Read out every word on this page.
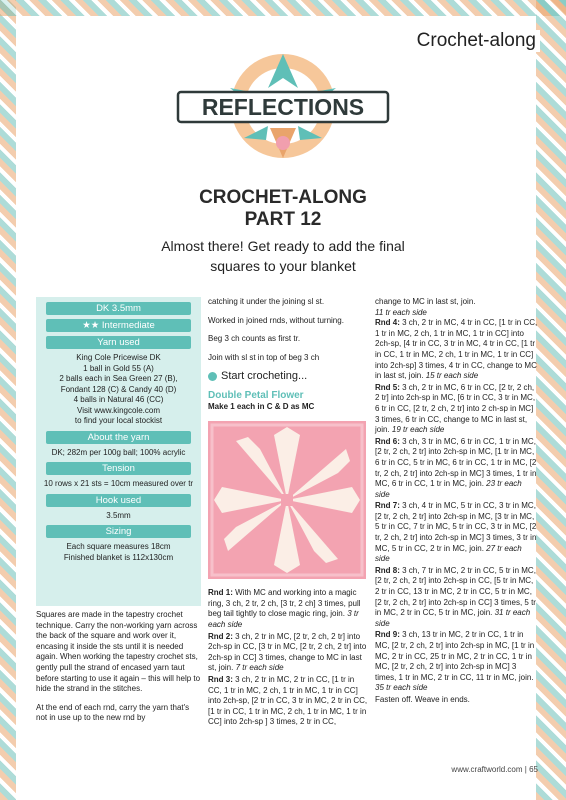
Crochet-along
REFLECTIONS
CROCHET-ALONG
PART 12
Almost there! Get ready to add the final
squares to your blanket
DK 3.5mm
★★ Intermediate
Yarn used
King Cole Pricewise DK
1 ball in Gold 55 (A)
2 balls each in Sea Green 27 (B),
Fondant 128 (C) & Candy 40 (D)
4 balls in Natural 46 (CC)
Visit www.kingcole.com
to find your local stockist
About the yarn
DK; 282m per 100g ball; 100% acrylic
Tension
10 rows x 21 sts = 10cm measured over tr
Hook used
3.5mm
Sizing
Each square measures 18cm
Finished blanket is 112x130cm

Squares are made in the tapestry crochet technique. Carry the non-working yarn across the back of the square and work over it, encasing it inside the sts until it is needed again. When working the tapestry crochet sts, gently pull the strand of encased yarn taut before starting to use it again – this will help to hide the strand in the stitches.

At the end of each rnd, carry the yarn that's not in use up to the new rnd by

catching it under the joining sl st.

Worked in joined rnds, without turning.

Beg 3 ch counts as first tr.

Join with sl st in top of beg 3 ch

Start crocheting...
Double Petal Flower
Make 1 each in C & D as MC
Rnd 1: With MC and working into a magic ring, 3 ch, 2 tr, 2 ch, [3 tr, 2 ch] 3 times, pull beg tail tightly to close magic ring, join. 3 tr each side
Rnd 2: 3 ch, 2 tr in MC, [2 tr, 2 ch, 2 tr] into 2ch-sp in CC, [3 tr in MC, [2 tr, 2 ch, 2 tr] into 2ch-sp in CC] 3 times, change to MC in last st, join. 7 tr each side
Rnd 3: 3 ch, 2 tr in MC, 2 tr in CC, [1 tr in CC, 1 tr in MC, 2 ch, 1 tr in MC, 1 tr in CC] into 2ch-sp, [2 tr in CC, 3 tr in MC, 2 tr in CC, [1 tr in CC, 1 tr in MC, 2 ch, 1 tr in MC, 1 tr in CC] into 2ch-sp ] 3 times, 2 tr in CC,
change to MC in last st, join.
11 tr each side
Rnd 4: 3 ch, 2 tr in MC, 4 tr in CC, [1 tr in CC, 1 tr in MC, 2 ch, 1 tr in MC, 1 tr in CC] into 2ch-sp, [4 tr in CC, 3 tr in MC, 4 tr in CC, [1 tr in CC, 1 tr in MC, 2 ch, 1 tr in MC, 1 tr in CC] into 2ch-sp] 3 times, 4 tr in CC, change to MC in last st, join. 15 tr each side
Rnd 5: 3 ch, 2 tr in MC, 6 tr in CC, [2 tr, 2 ch, 2 tr] into 2ch-sp in MC, [6 tr in CC, 3 tr in MC, 6 tr in CC, [2 tr, 2 ch, 2 tr] into 2 ch-sp in MC] 3 times, 6 tr in CC, change to MC in last st, join. 19 tr each side
Rnd 6: 3 ch, 3 tr in MC, 6 tr in CC, 1 tr in MC, [2 tr, 2 ch, 2 tr] into 2ch-sp in MC, [1 tr in MC, 6 tr in CC, 5 tr in MC, 6 tr in CC, 1 tr in MC, [2 tr, 2 ch, 2 tr] into 2ch-sp in MC] 3 times, 1 tr in MC, 6 tr in CC, 1 tr in MC, join. 23 tr each side
Rnd 7: 3 ch, 4 tr in MC, 5 tr in CC, 3 tr in MC, [2 tr, 2 ch, 2 tr] into 2ch-sp in MC, [3 tr in MC, 5 tr in CC, 7 tr in MC, 5 tr in CC, 3 tr in MC, [2 tr, 2 ch, 2 tr] into 2ch-sp in MC] 3 times, 3 tr in MC, 5 tr in CC, 2 tr in MC, join. 27 tr each side
Rnd 8: 3 ch, 7 tr in MC, 2 tr in CC, 5 tr in MC, [2 tr, 2 ch, 2 tr] into 2ch-sp in CC, [5 tr in MC, 2 tr in CC, 13 tr in MC, 2 tr in CC, 5 tr in MC, [2 tr, 2 ch, 2 tr] into 2ch-sp in CC] 3 times, 5 tr in MC, 2 tr in CC, 5 tr in MC, join. 31 tr each side
Rnd 9: 3 ch, 13 tr in MC, 2 tr in CC, 1 tr in MC, [2 tr, 2 ch, 2 tr] into 2ch-sp in MC, [1 tr in MC, 2 tr in CC, 25 tr in MC, 2 tr in CC, 1 tr in MC, [2 tr, 2 ch, 2 tr] into 2ch-sp in MC] 3 times, 1 tr in MC, 2 tr in CC, 11 tr in MC, join. 35 tr each side
Fasten off. Weave in ends.
www.craftworld.com | 65
